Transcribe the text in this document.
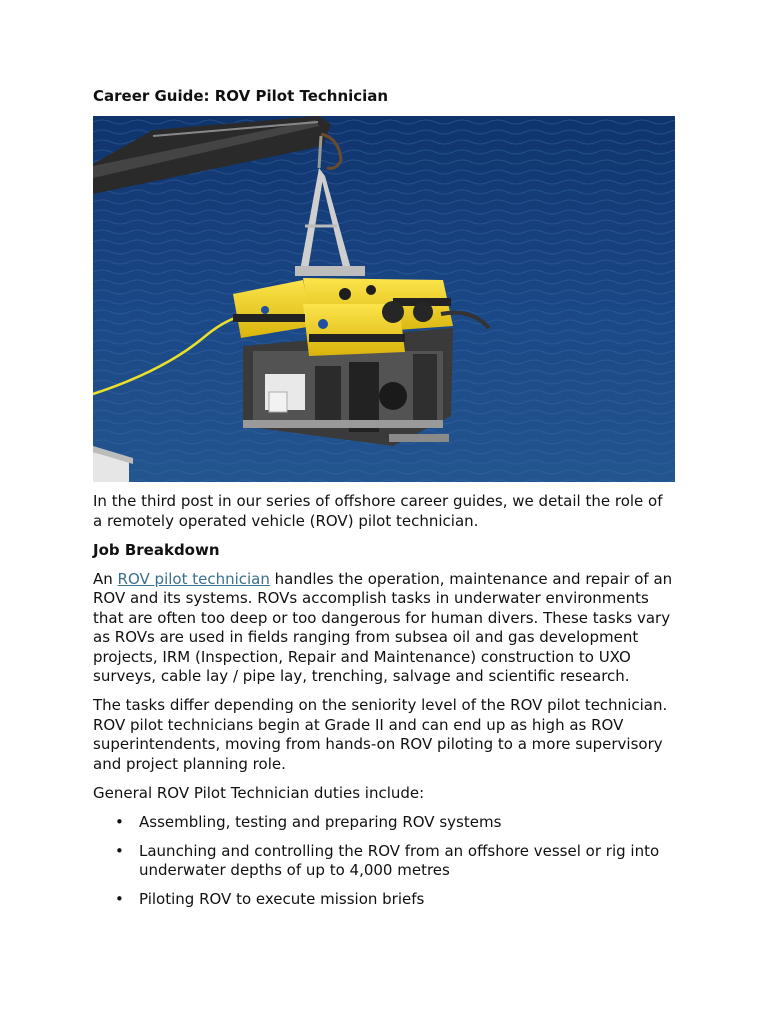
Career Guide: ROV Pilot Technician

In the third post in our series of offshore career guides, we detail the role of a remotely operated vehicle (ROV) pilot technician.

Job Breakdown

An ROV pilot technician handles the operation, maintenance and repair of an ROV and its systems. ROVs accomplish tasks in underwater environments that are often too deep or too dangerous for human divers. These tasks vary as ROVs are used in fields ranging from subsea oil and gas development projects, IRM (Inspection, Repair and Maintenance) construction to UXO surveys, cable lay / pipe lay, trenching, salvage and scientific research.

The tasks differ depending on the seniority level of the ROV pilot technician. ROV pilot technicians begin at Grade II and can end up as high as ROV superintendents, moving from hands-on ROV piloting to a more supervisory and project planning role.

General ROV Pilot Technician duties include:

• Assembling, testing and preparing ROV systems
• Launching and controlling the ROV from an offshore vessel or rig into underwater depths of up to 4,000 metres
• Piloting ROV to execute mission briefs
